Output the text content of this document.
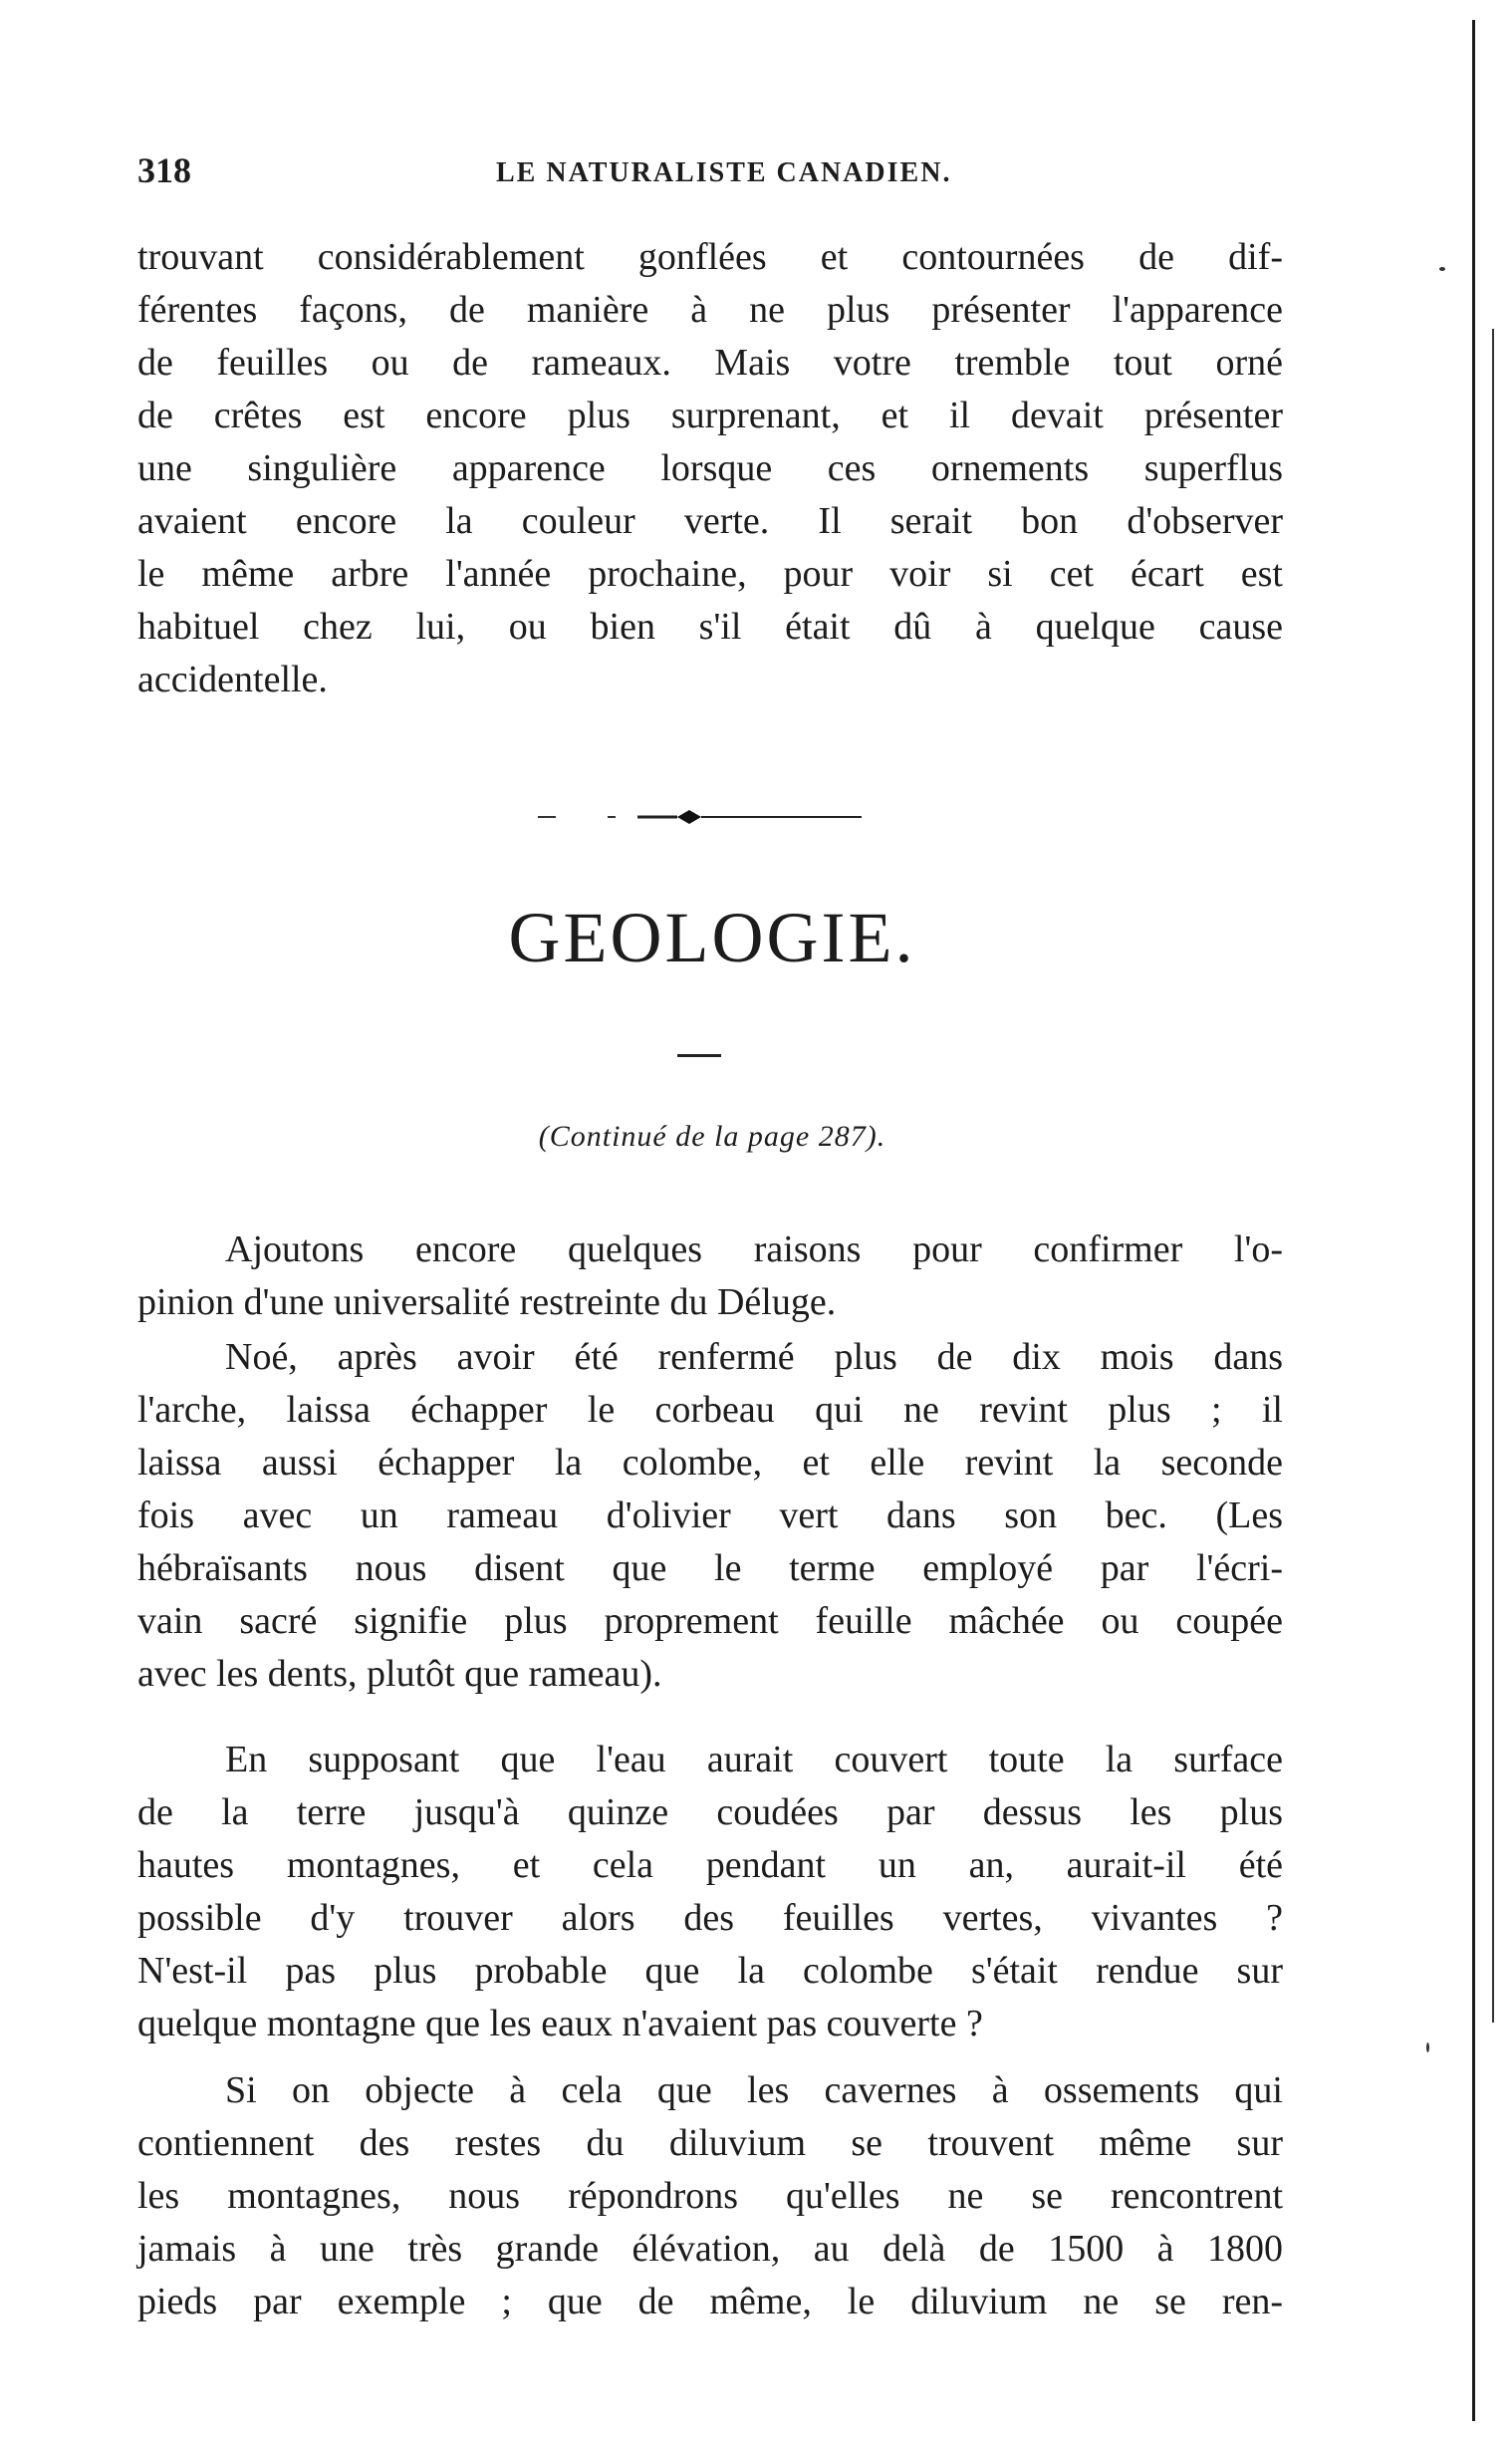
318	LE NATURALISTE CANADIEN.
trouvant considérablement gonflées et contournées de dif-
férentes façons, de manière à ne plus présenter l'apparence
de feuilles ou de rameaux. Mais votre tremble tout orné
de crêtes est encore plus surprenant, et il devait présenter
une singulière apparence lorsque ces ornements superflus
avaient encore la couleur verte. Il serait bon d'observer
le même arbre l'année prochaine, pour voir si cet écart est
habituel chez lui, ou bien s'il était dû à quelque cause
accidentelle.
GEOLOGIE.
(Continué de la page 287).
Ajoutons encore quelques raisons pour confirmer l'o-
pinion d'une universalité restreinte du Déluge.
Noé, après avoir été renfermé plus de dix mois dans
l'arche, laissa échapper le corbeau qui ne revint plus ; il
laissa aussi échapper la colombe, et elle revint la seconde
fois avec un rameau d'olivier vert dans son bec. (Les
hébraïsants nous disent que le terme employé par l'écri-
vain sacré signifie plus proprement feuille mâchée ou coupée
avec les dents, plutôt que rameau).
En supposant que l'eau aurait couvert toute la surface
de la terre jusqu'à quinze coudées par dessus les plus
hautes montagnes, et cela pendant un an, aurait-il été
possible d'y trouver alors des feuilles vertes, vivantes ?
N'est-il pas plus probable que la colombe s'était rendue sur
quelque montagne que les eaux n'avaient pas couverte ?
Si on objecte à cela que les cavernes à ossements qui
contiennent des restes du diluvium se trouvent même sur
les montagnes, nous répondrons qu'elles ne se rencontrent
jamais à une très grande élévation, au delà de 1500 à 1800
pieds par exemple ; que de même, le diluvium ne se ren-
